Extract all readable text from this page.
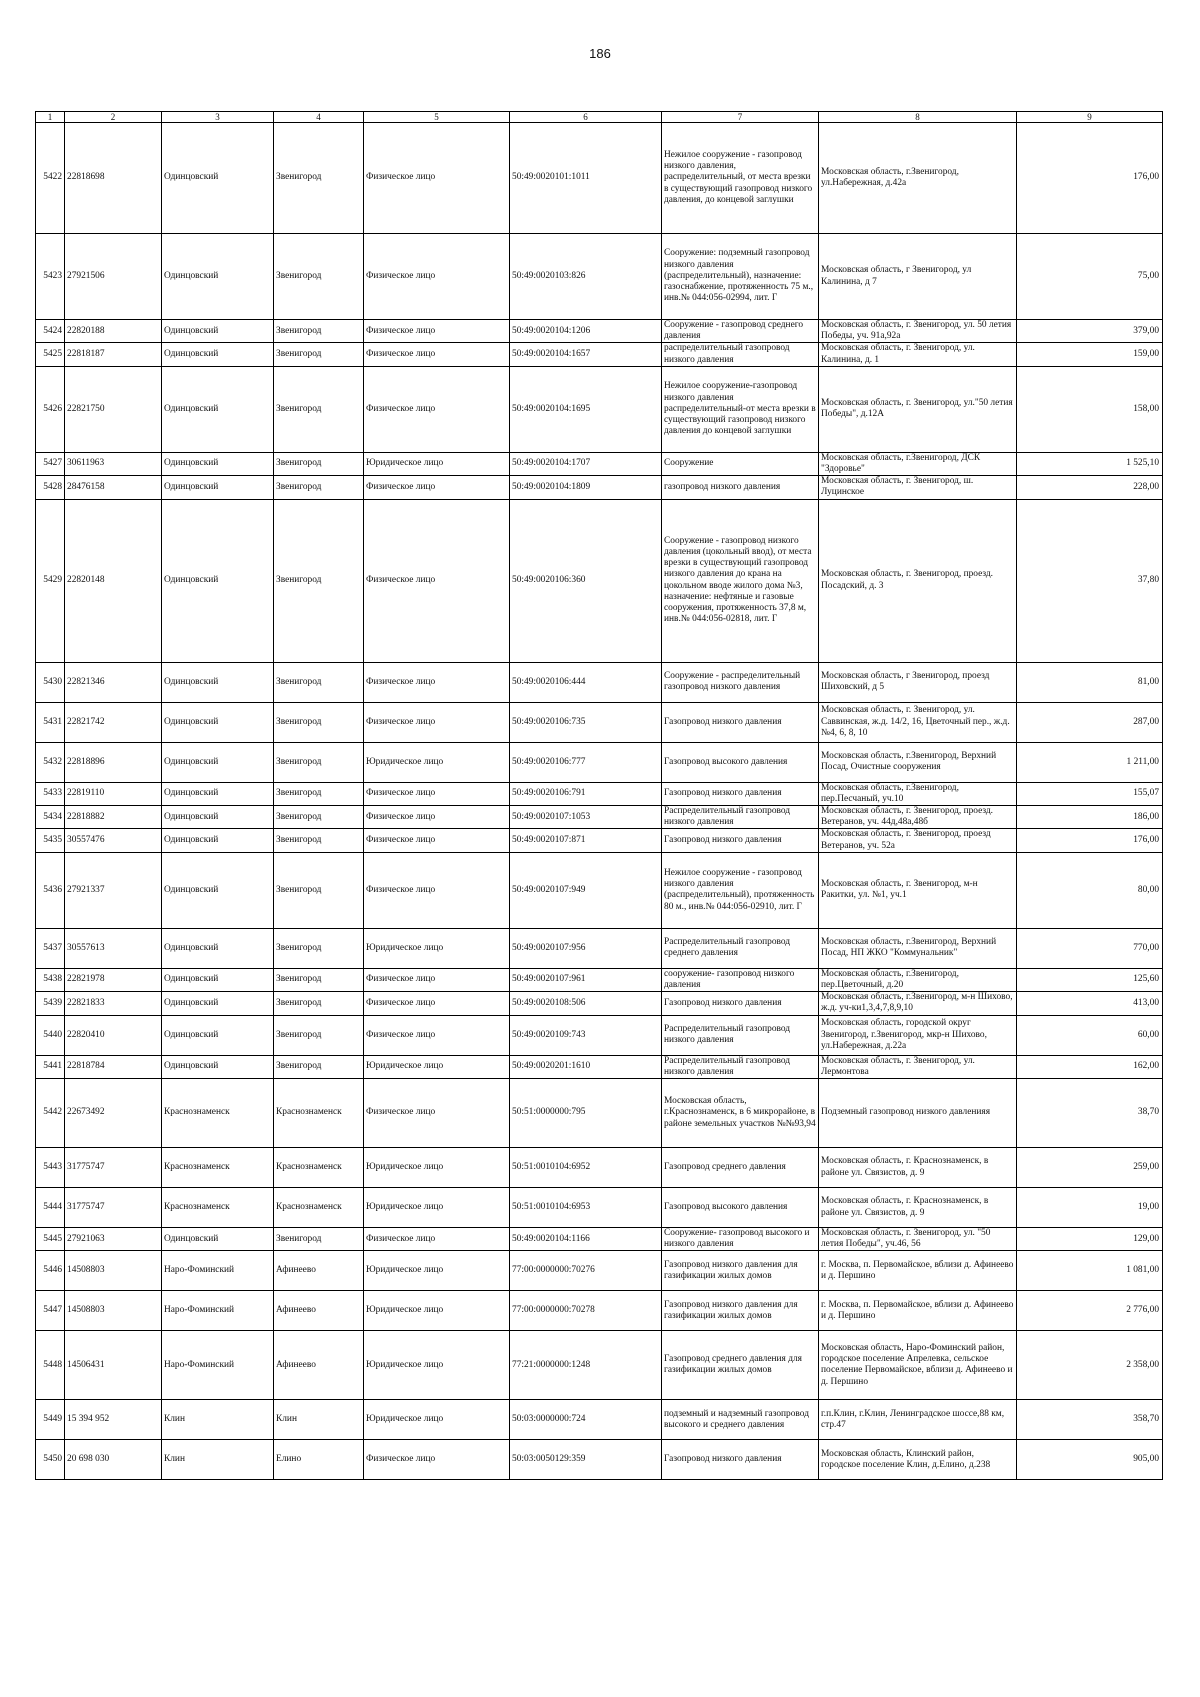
186
1	2	3	4	5	6	7	8	9
5422	22818698	Одинцовский	Звенигород	Физическое лицо	50:49:0020101:1011	Нежилое сооружение - газопровод низкого давления, распределительный, от места врезки в существующий газопровод низкого давления, до концевой заглушки	Московская область, г.Звенигород, ул.Набережная, д.42а	176,00
5423	27921506	Одинцовский	Звенигород	Физическое лицо	50:49:0020103:826	Сооружение: подземный газопровод низкого давления (распределительный), назначение: газоснабжение, протяженность 75 м., инв.№ 044:056-02994, лит. Г	Московская область, г Звенигород, ул Калинина, д 7	75,00
5424	22820188	Одинцовский	Звенигород	Физическое лицо	50:49:0020104:1206	Сооружение - газопровод среднего давления	Московская область, г. Звенигород, ул. 50 летия Победы, уч. 91а,92а	379,00
5425	22818187	Одинцовский	Звенигород	Физическое лицо	50:49:0020104:1657	распределительный газопровод низкого давления	Московская область, г. Звенигород, ул. Калинина, д. 1	159,00
5426	22821750	Одинцовский	Звенигород	Физическое лицо	50:49:0020104:1695	Нежилое сооружение-газопровод низкого давления распределительный-от места врезки в существующий газопровод низкого давления до концевой заглушки	Московская область, г. Звенигород, ул."50 летия Победы", д.12А	158,00
5427	30611963	Одинцовский	Звенигород	Юридическое лицо	50:49:0020104:1707	Сооружение	Московская область, г.Звенигород, ДСК "Здоровье"	1 525,10
5428	28476158	Одинцовский	Звенигород	Физическое лицо	50:49:0020104:1809	газопровод низкого давления	Московская область, г. Звенигород, ш. Луцинское	228,00
5429	22820148	Одинцовский	Звенигород	Физическое лицо	50:49:0020106:360	Сооружение - газопровод низкого давления (цокольный ввод), от места врезки в существующий газопровод низкого давления до крана на цокольном вводе жилого дома №3, назначение: нефтяные и газовые сооружения, протяженность 37,8 м, инв.№ 044:056-02818, лит. Г	Московская область, г. Звенигород, проезд. Посадский, д. 3	37,80
5430	22821346	Одинцовский	Звенигород	Физическое лицо	50:49:0020106:444	Сооружение - распределительный газопровод низкого давления	Московская область, г Звенигород, проезд Шиховский, д 5	81,00
5431	22821742	Одинцовский	Звенигород	Физическое лицо	50:49:0020106:735	Газопровод низкого давления	Московская область, г. Звенигород, ул. Саввинская, ж.д. 14/2, 16, Цветочный пер., ж.д. №4, 6, 8, 10	287,00
5432	22818896	Одинцовский	Звенигород	Юридическое лицо	50:49:0020106:777	Газопровод высокого давления	Московская область, г.Звенигород, Верхний Посад, Очистные сооружения	1 211,00
5433	22819110	Одинцовский	Звенигород	Физическое лицо	50:49:0020106:791	Газопровод низкого давления	Московская область, г.Звенигород, пер.Песчаный, уч.10	155,07
5434	22818882	Одинцовский	Звенигород	Физическое лицо	50:49:0020107:1053	Распределительный газопровод низкого давления	Московская область, г. Звенигород, проезд. Ветеранов, уч. 44д,48а,48б	186,00
5435	30557476	Одинцовский	Звенигород	Физическое лицо	50:49:0020107:871	Газопровод низкого давления	Московская область, г. Звенигород, проезд Ветеранов, уч. 52а	176,00
5436	27921337	Одинцовский	Звенигород	Физическое лицо	50:49:0020107:949	Нежилое сооружение - газопровод низкого давления (распределительный), протяженность 80 м., инв.№ 044:056-02910, лит. Г	Московская область, г. Звенигород, м-н Ракитки, ул. №1, уч.1	80,00
5437	30557613	Одинцовский	Звенигород	Юридическое лицо	50:49:0020107:956	Распределительный газопровод среднего давления	Московская область, г.Звенигород, Верхний Посад, НП ЖКО "Коммунальник"	770,00
5438	22821978	Одинцовский	Звенигород	Физическое лицо	50:49:0020107:961	сооружение- газопровод низкого давления	Московская область, г.Звенигород, пер.Цветочный, д.20	125,60
5439	22821833	Одинцовский	Звенигород	Физическое лицо	50:49:0020108:506	Газопровод низкого давления	Московская область, г.Звенигород, м-н Шихово, ж.д. уч-ки1,3,4,7,8,9,10	413,00
5440	22820410	Одинцовский	Звенигород	Физическое лицо	50:49:0020109:743	Распределительный газопровод низкого давления	Московская область, городской округ Звенигород, г.Звенигород, мкр-н Шихово, ул.Набережная, д.22а	60,00
5441	22818784	Одинцовский	Звенигород	Юридическое лицо	50:49:0020201:1610	Распределительный газопровод низкого давления	Московская область, г. Звенигород, ул. Лермонтова	162,00
5442	22673492	Краснознаменск	Краснознаменск	Физическое лицо	50:51:0000000:795	Московская область, г.Краснознаменск, в 6 микрорайоне, в районе земельных участков №№93,94	Подземный газопровод низкого давленияя	38,70
5443	31775747	Краснознаменск	Краснознаменск	Юридическое лицо	50:51:0010104:6952	Газопровод среднего давления	Московская область, г. Краснознаменск, в районе ул. Связистов, д. 9	259,00
5444	31775747	Краснознаменск	Краснознаменск	Юридическое лицо	50:51:0010104:6953	Газопровод высокого давления	Московская область, г. Краснознаменск, в районе ул. Связистов, д. 9	19,00
5445	27921063	Одинцовский	Звенигород	Физическое лицо	50:49:0020104:1166	Сооружение- газопровод высокого и низкого давления	Московская область, г. Звенигород, ул. "50 летия Победы", уч.46, 56	129,00
5446	14508803	Наро-Фоминский	Афинеево	Юридическое лицо	77:00:0000000:70276	Газопровод низкого давления для газификации жилых домов	г. Москва, п. Первомайское, вблизи д. Афинеево и д. Першино	1 081,00
5447	14508803	Наро-Фоминский	Афинеево	Юридическое лицо	77:00:0000000:70278	Газопровод низкого давления для газификации жилых домов	г. Москва, п. Первомайское, вблизи д. Афинеево и д. Першино	2 776,00
5448	14506431	Наро-Фоминский	Афинеево	Юридическое лицо	77:21:0000000:1248	Газопровод среднего давления для газификации жилых домов	Московская область, Наро-Фоминский район, городское поселение Апрелевка, сельское поселение Первомайское, вблизи д. Афинеево и д. Першино	2 358,00
5449	15 394 952	Клин	Клин	Юридическое лицо	50:03:0000000:724	подземный и надземный газопровод высокого и среднего давления	г.п.Клин, г.Клин, Ленинградское шоссе,88 км, стр.47	358,70
5450	20 698 030	Клин	Елино	Физическое лицо	50:03:0050129:359	Газопровод низкого давления	Московская область, Клинский район, городское поселение Клин, д.Елино, д.238	905,00
